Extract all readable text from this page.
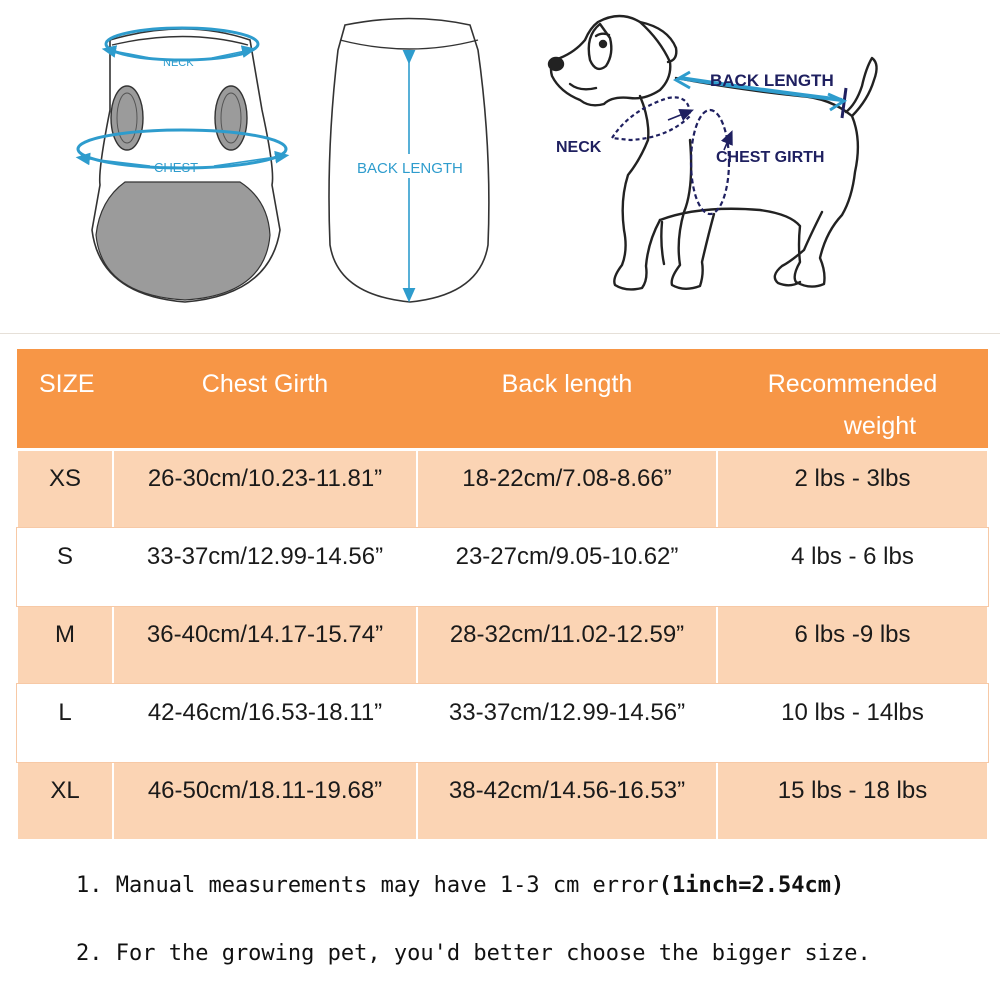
NECK
CHEST	BACK LENGTH
BACK LENGTH
NECK
CHEST GIRTH
SIZE	Chest Girth	Back length	Recommended
weight
XS	26-30cm/10.23-11.81”	18-22cm/7.08-8.66”	2 lbs - 3lbs
S	33-37cm/12.99-14.56”	23-27cm/9.05-10.62”	4 lbs - 6 lbs
M	36-40cm/14.17-15.74”	28-32cm/11.02-12.59”	6 lbs -9 lbs
L	42-46cm/16.53-18.11”	33-37cm/12.99-14.56”	10 lbs - 14lbs
XL	46-50cm/18.11-19.68”	38-42cm/14.56-16.53”	15 lbs - 18 lbs
1. Manual measurements may have 1-3 cm error(1inch=2.54cm)
2. For the growing pet, you'd better choose the bigger size.
